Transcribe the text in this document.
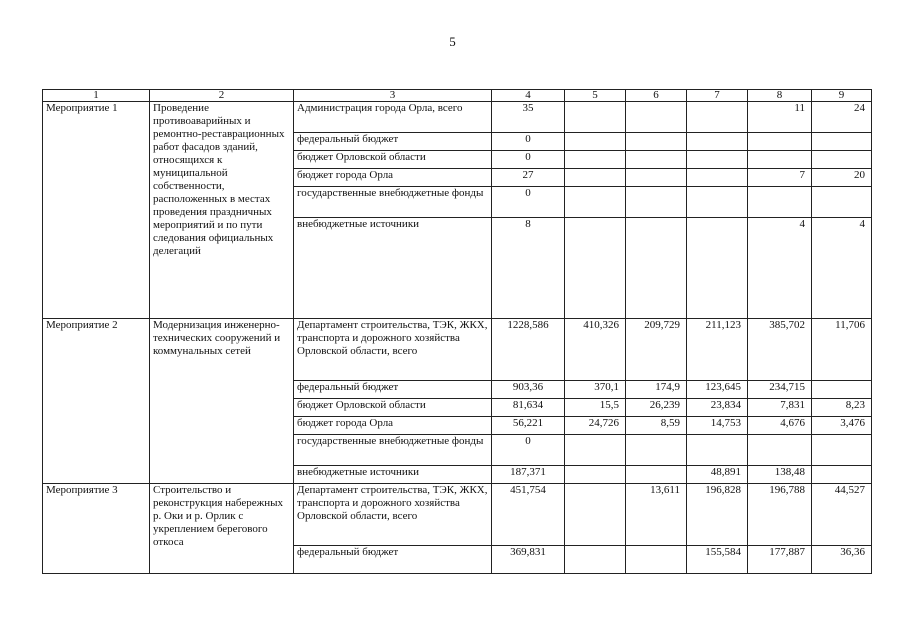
5
1	2	3	4	5	6	7	8	9
Мероприятие 1	Проведение противоаварийных и ремонтно-реставрационных работ фасадов зданий, относящихся к муниципальной собственности, расположенных в местах проведения праздничных мероприятий и по пути следования официальных делегаций	Администрация города Орла, всего	35				11	24
		федеральный бюджет	0					
		бюджет Орловской области	0					
		бюджет города Орла	27				7	20
		государственные внебюджетные фонды	0					
		внебюджетные источники	8				4	4
Мероприятие 2	Модернизация инженерно-технических сооружений и коммунальных сетей	Департамент строительства, ТЭК, ЖКХ, транспорта и дорожного хозяйства Орловской области, всего	1228,586	410,326	209,729	211,123	385,702	11,706
		федеральный бюджет	903,36	370,1	174,9	123,645	234,715	
		бюджет Орловской области	81,634	15,5	26,239	23,834	7,831	8,23
		бюджет города Орла	56,221	24,726	8,59	14,753	4,676	3,476
		государственные внебюджетные фонды	0					
		внебюджетные источники	187,371			48,891	138,48	
Мероприятие 3	Строительство и реконструкция набережных р. Оки и р. Орлик с укреплением берегового откоса	Департамент строительства, ТЭК, ЖКХ, транспорта и дорожного хозяйства Орловской области, всего	451,754		13,611	196,828	196,788	44,527
		федеральный бюджет	369,831			155,584	177,887	36,36
